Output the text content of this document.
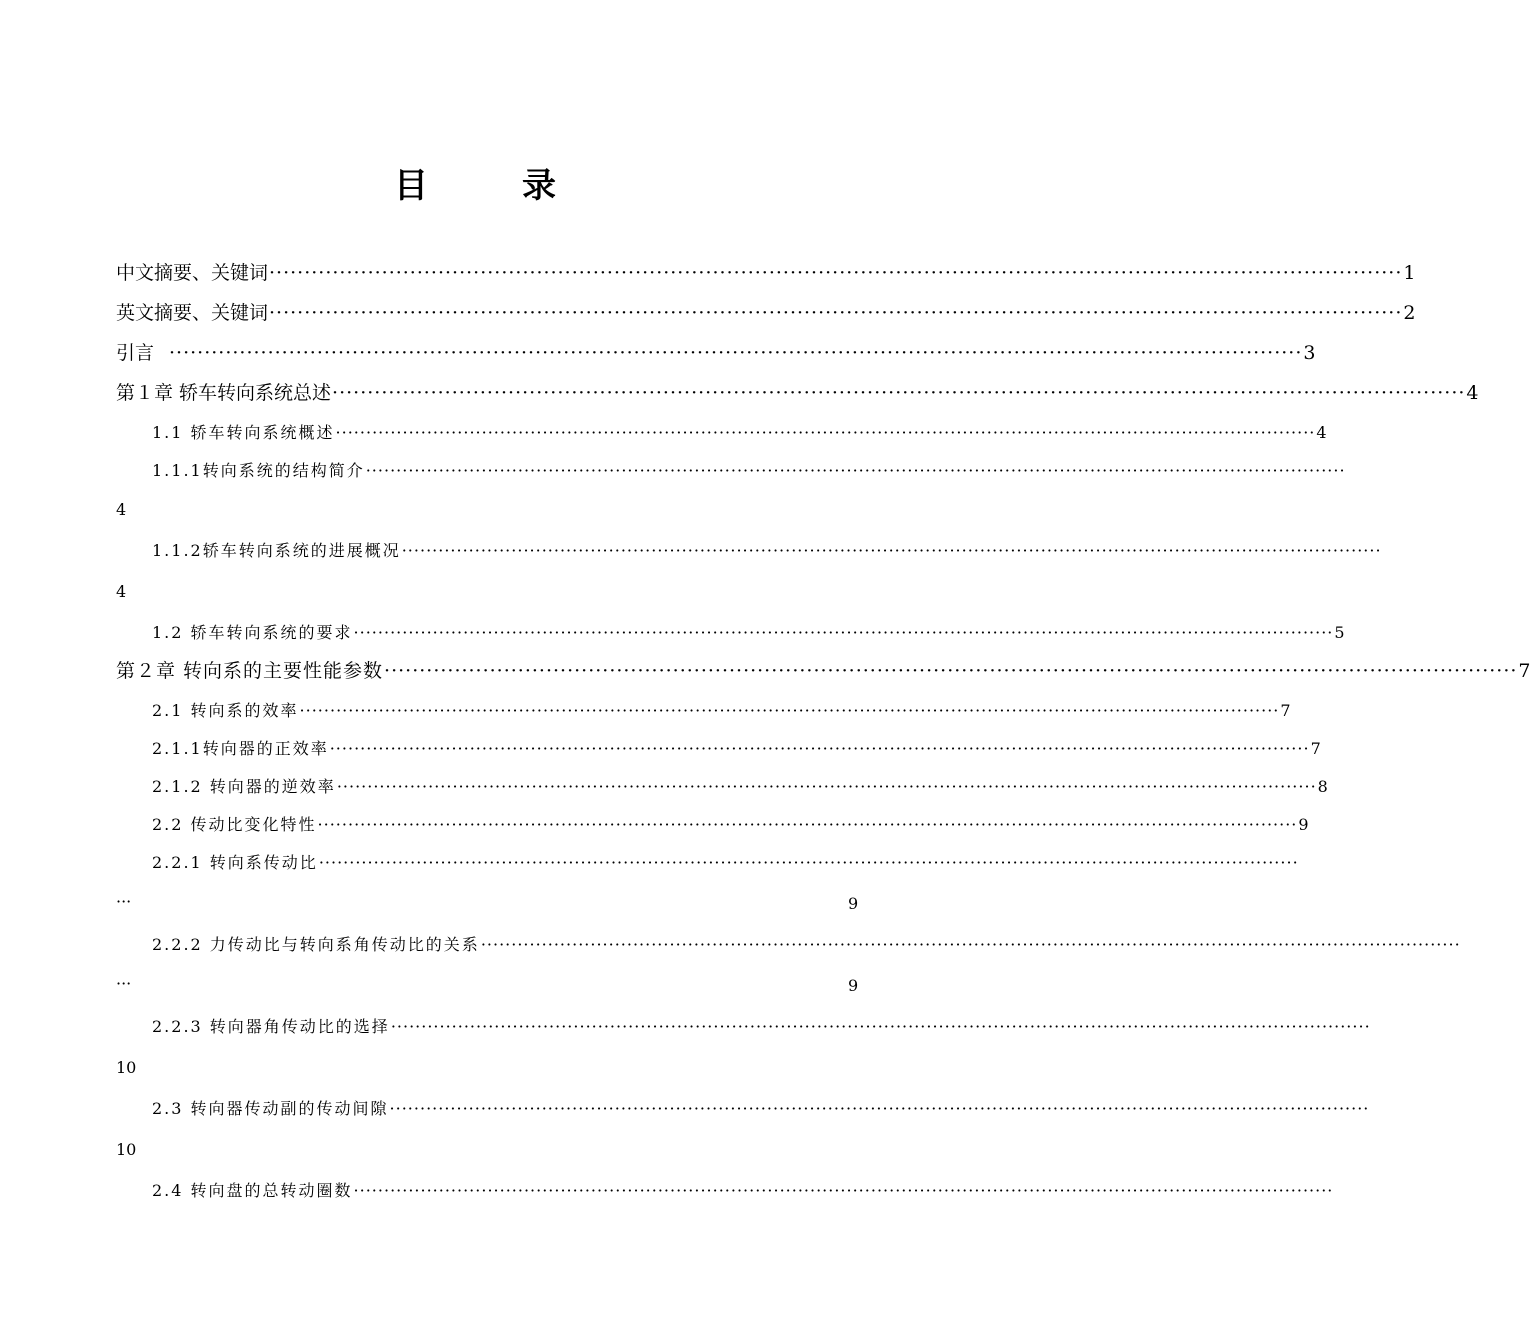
目　录
中文摘要、关键词 ································································································································································· 1
英文摘要、关键词 ································································································································································· 2
引言 ································································································································································· 3
第１章 轿车转向系统总述 ································································································································································· 4
1.1 轿车转向系统概述 ································································································································································· 4
1.1.1转向系统的结构简介 ·································································································································································
4
1.1.2轿车转向系统的进展概况 ·································································································································································
4
1.2 轿车转向系统的要求 ································································································································································· 5
第２章 转向系的主要性能参数 ································································································································································· 7
2.1 转向系的效率 ································································································································································· 7
2.1.1转向器的正效率 ································································································································································· 7
2.1.2 转向器的逆效率 ································································································································································· 8
2.2 传动比变化特性 ································································································································································· 9
2.2.1 转向系传动比 ·································································································································································
···	9
2.2.2 力传动比与转向系角传动比的关系 ·································································································································································
···	9
2.2.3 转向器角传动比的选择 ·································································································································································
10
2.3 转向器传动副的传动间隙 ·································································································································································
10
2.4 转向盘的总转动圈数 ·································································································································································
